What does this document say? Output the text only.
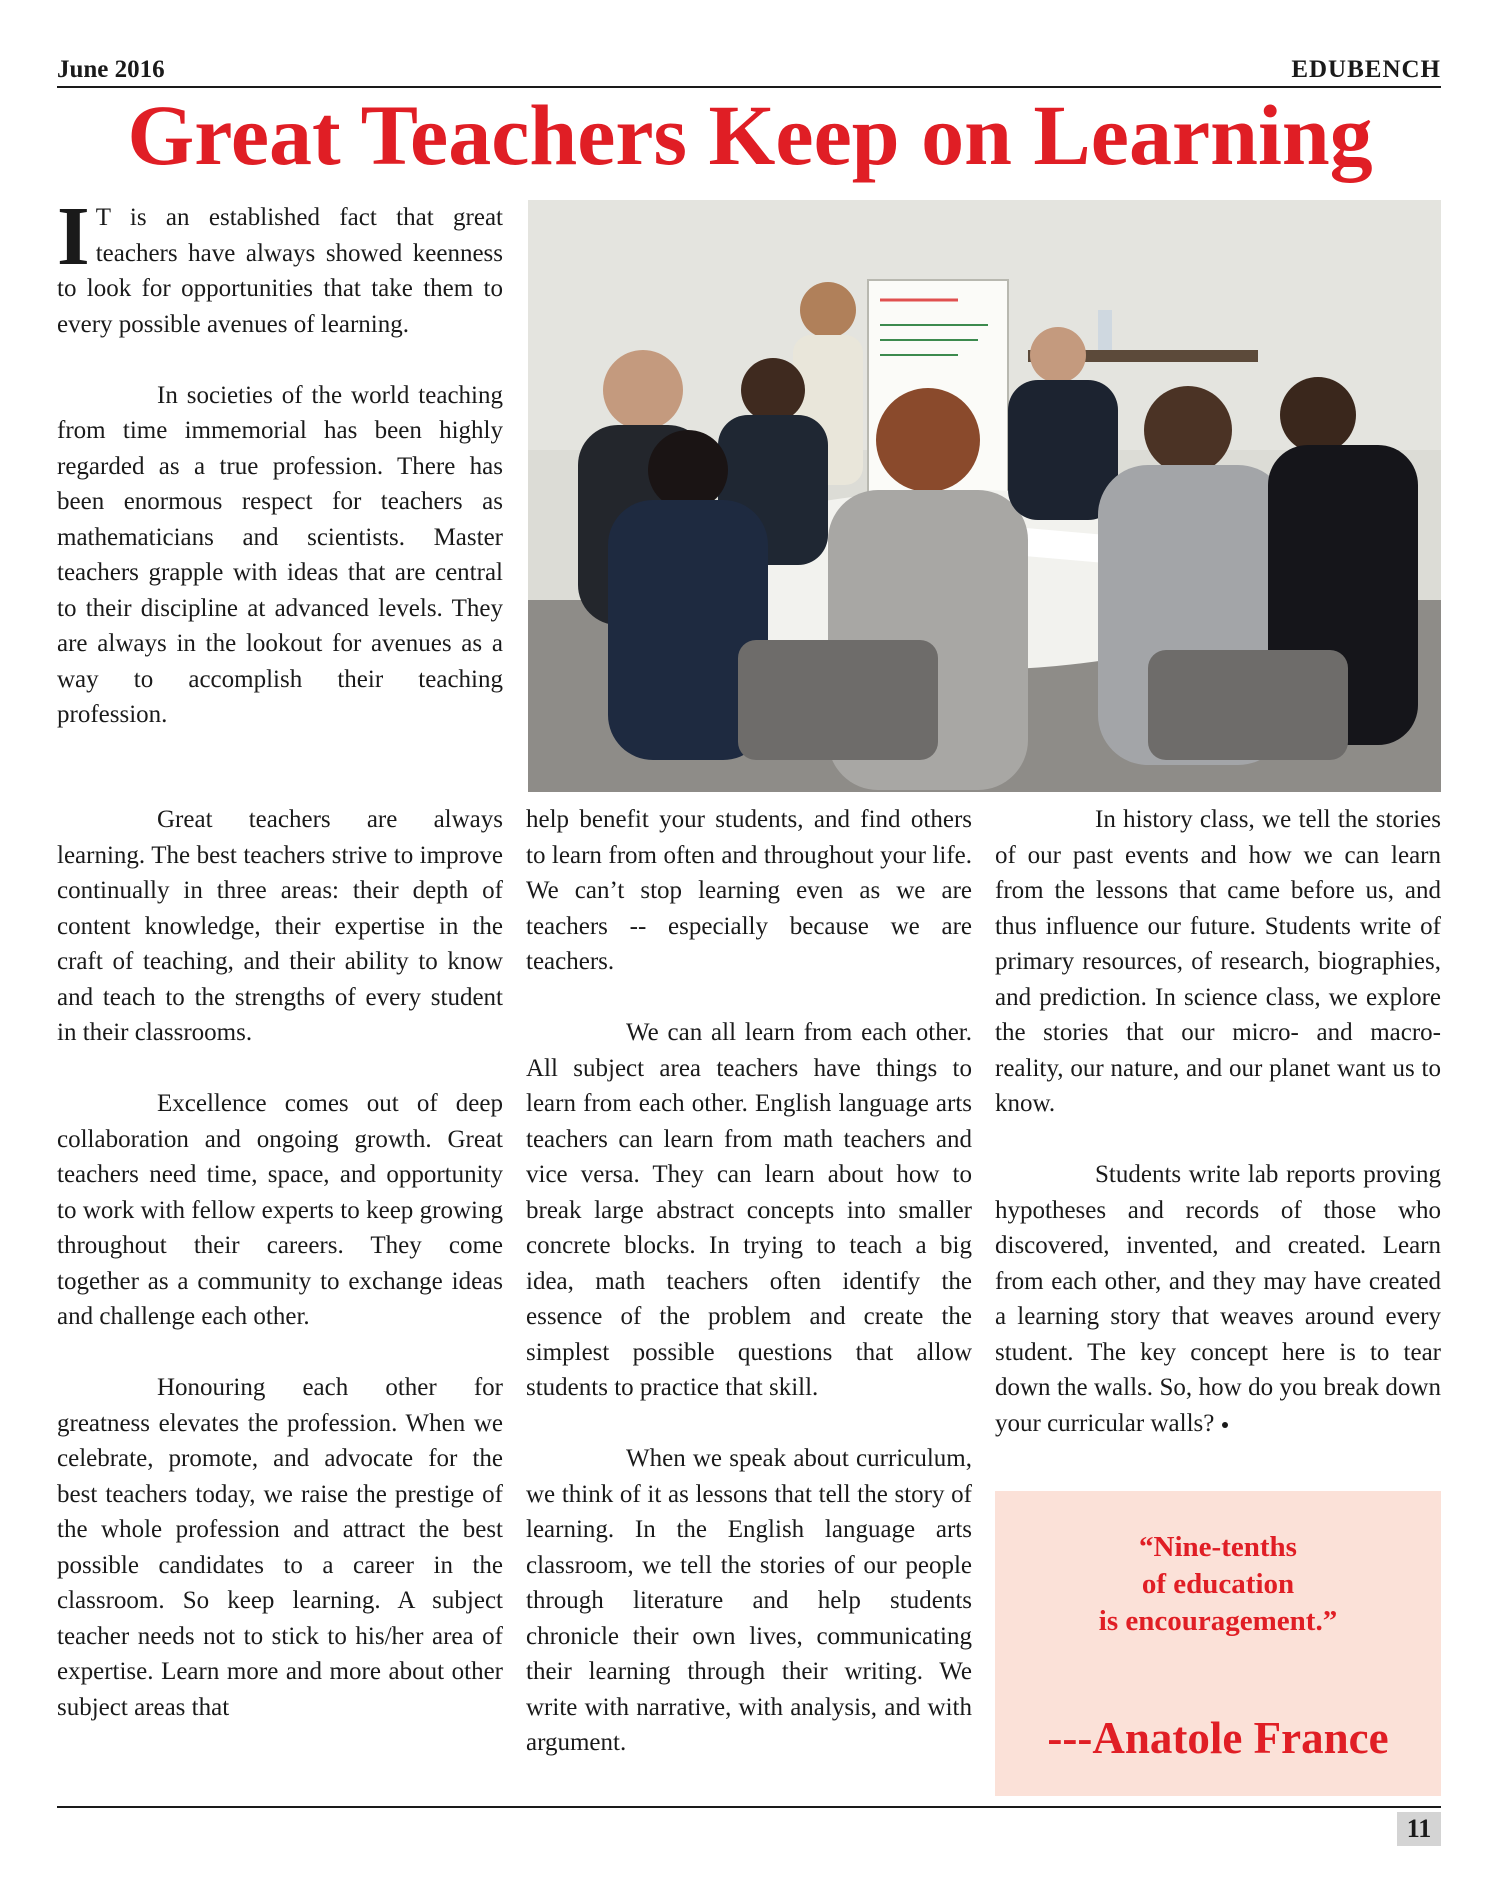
June 2016	EDUBENCH
Great Teachers Keep on Learning

I T is an established fact that great teachers have always showed keenness to look for opportunities that take them to every possible avenues of learning.

In societies of the world teaching from time immemorial has been highly regarded as a true profession. There has been enormous respect for teachers as mathematicians and scientists. Master teachers grapple with ideas that are central to their discipline at advanced levels. They are always in the lookout for avenues as a way to accomplish their teaching profession.

Great teachers are always learning. The best teachers strive to improve continually in three areas: their depth of content knowledge, their expertise in the craft of teaching, and their ability to know and teach to the strengths of every student in their classrooms.

Excellence comes out of deep collaboration and ongoing growth. Great teachers need time, space, and opportunity to work with fellow experts to keep growing throughout their careers. They come together as a community to exchange ideas and challenge each other.

Honouring each other for greatness elevates the profession. When we celebrate, promote, and advocate for the best teachers today, we raise the prestige of the whole profession and attract the best possible candidates to a career in the classroom. So keep learning. A subject teacher needs not to stick to his/her area of expertise. Learn more and more about other subject areas that

help benefit your students, and find others to learn from often and throughout your life. We can’t stop learning even as we are teachers -- especially because we are teachers.

We can all learn from each other. All subject area teachers have things to learn from each other. English language arts teachers can learn from math teachers and vice versa. They can learn about how to break large abstract concepts into smaller concrete blocks. In trying to teach a big idea, math teachers often identify the essence of the problem and create the simplest possible questions that allow students to practice that skill.

When we speak about curriculum, we think of it as lessons that tell the story of learning. In the English language arts classroom, we tell the stories of our people through literature and help students chronicle their own lives, communicating their learning through their writing. We write with narrative, with analysis, and with argument.

In history class, we tell the stories of our past events and how we can learn from the lessons that came before us, and thus influence our future. Students write of primary resources, of research, biographies, and prediction. In science class, we explore the stories that our micro- and macro-reality, our nature, and our planet want us to know.

Students write lab reports proving hypotheses and records of those who discovered, invented, and created. Learn from each other, and they may have created a learning story that weaves around every student. The key concept here is to tear down the walls. So, how do you break down your curricular walls?

“Nine-tenths
of education
is encouragement.”
---Anatole France
11
